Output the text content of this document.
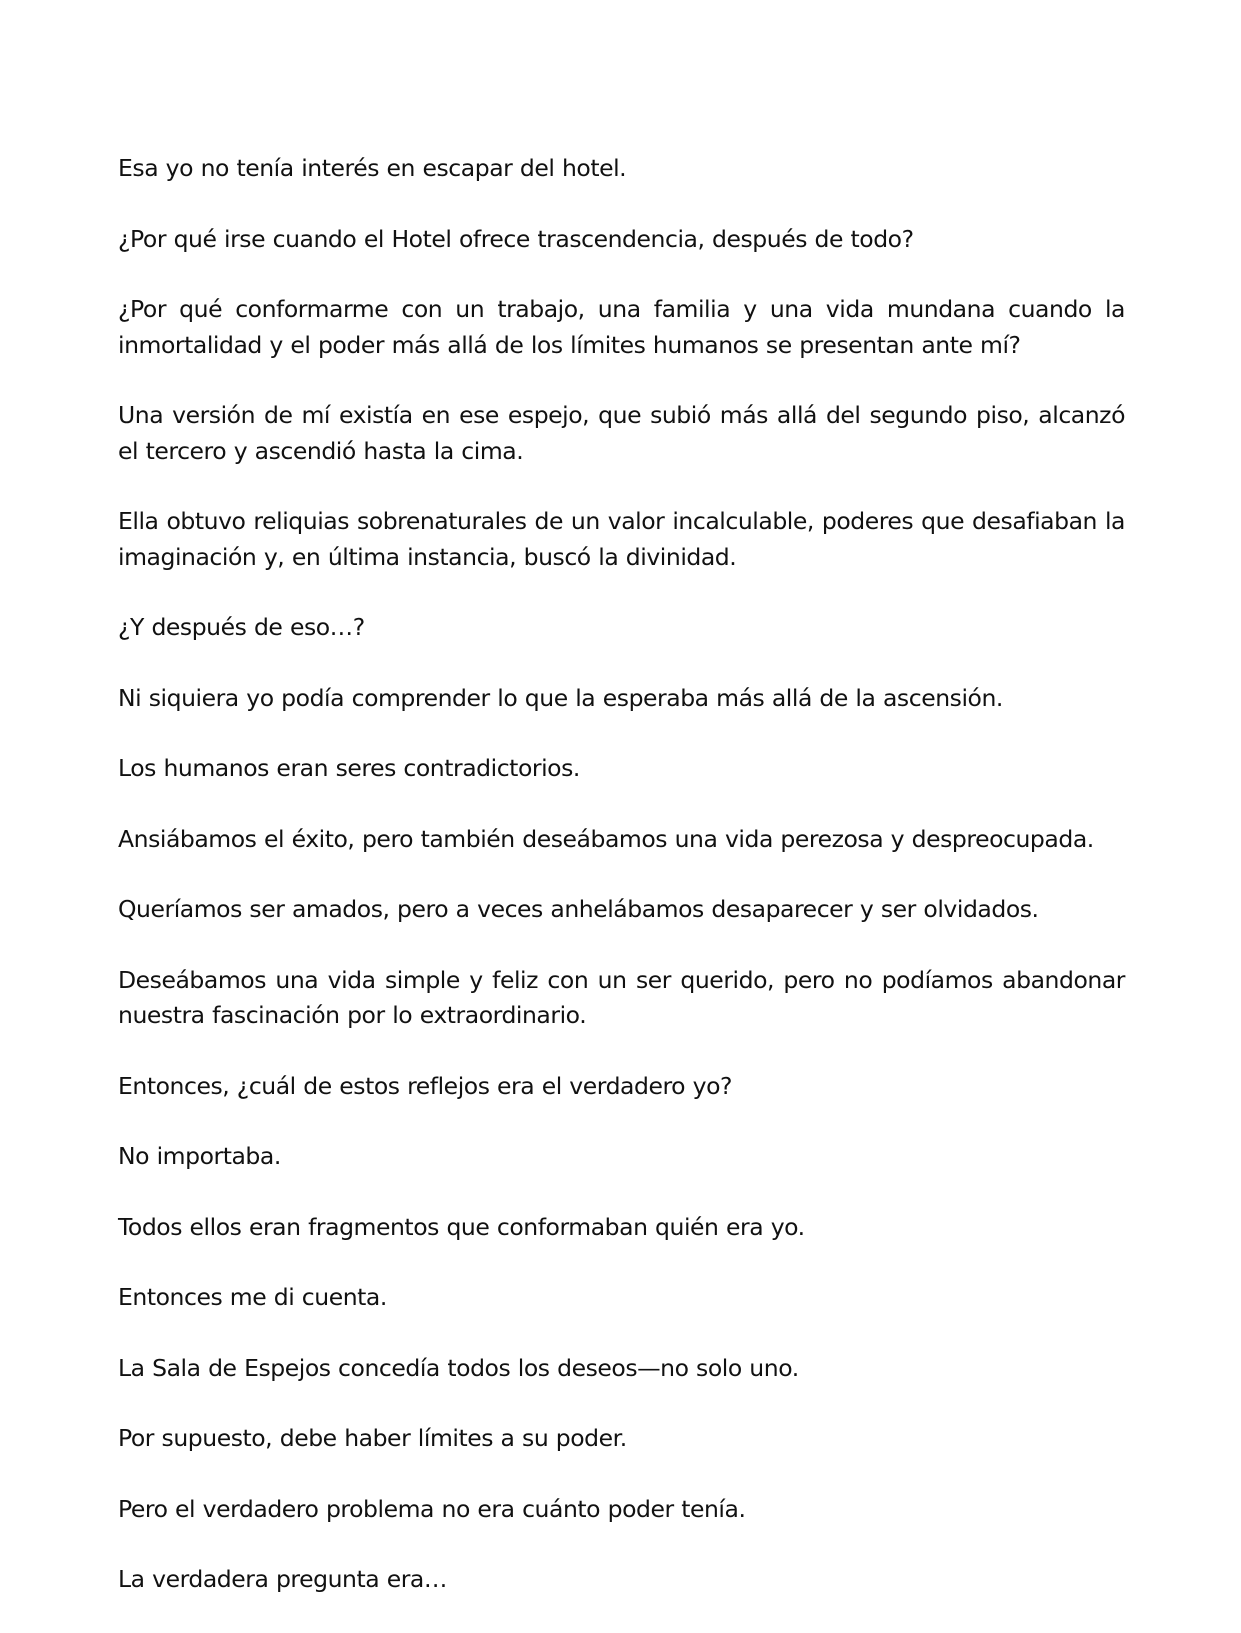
Esa yo no tenía interés en escapar del hotel.

¿Por qué irse cuando el Hotel ofrece trascendencia, después de todo?

¿Por qué conformarme con un trabajo, una familia y una vida mundana cuando la inmortalidad y el poder más allá de los límites humanos se presentan ante mí?

Una versión de mí existía en ese espejo, que subió más allá del segundo piso, alcanzó el tercero y ascendió hasta la cima.

Ella obtuvo reliquias sobrenaturales de un valor incalculable, poderes que desafiaban la imaginación y, en última instancia, buscó la divinidad.

¿Y después de eso…?

Ni siquiera yo podía comprender lo que la esperaba más allá de la ascensión.

Los humanos eran seres contradictorios.

Ansiábamos el éxito, pero también deseábamos una vida perezosa y despreocupada.

Queríamos ser amados, pero a veces anhelábamos desaparecer y ser olvidados.

Deseábamos una vida simple y feliz con un ser querido, pero no podíamos abandonar nuestra fascinación por lo extraordinario.

Entonces, ¿cuál de estos reflejos era el verdadero yo?

No importaba.

Todos ellos eran fragmentos que conformaban quién era yo.

Entonces me di cuenta.

La Sala de Espejos concedía todos los deseos—no solo uno.

Por supuesto, debe haber límites a su poder.

Pero el verdadero problema no era cuánto poder tenía.

La verdadera pregunta era…
